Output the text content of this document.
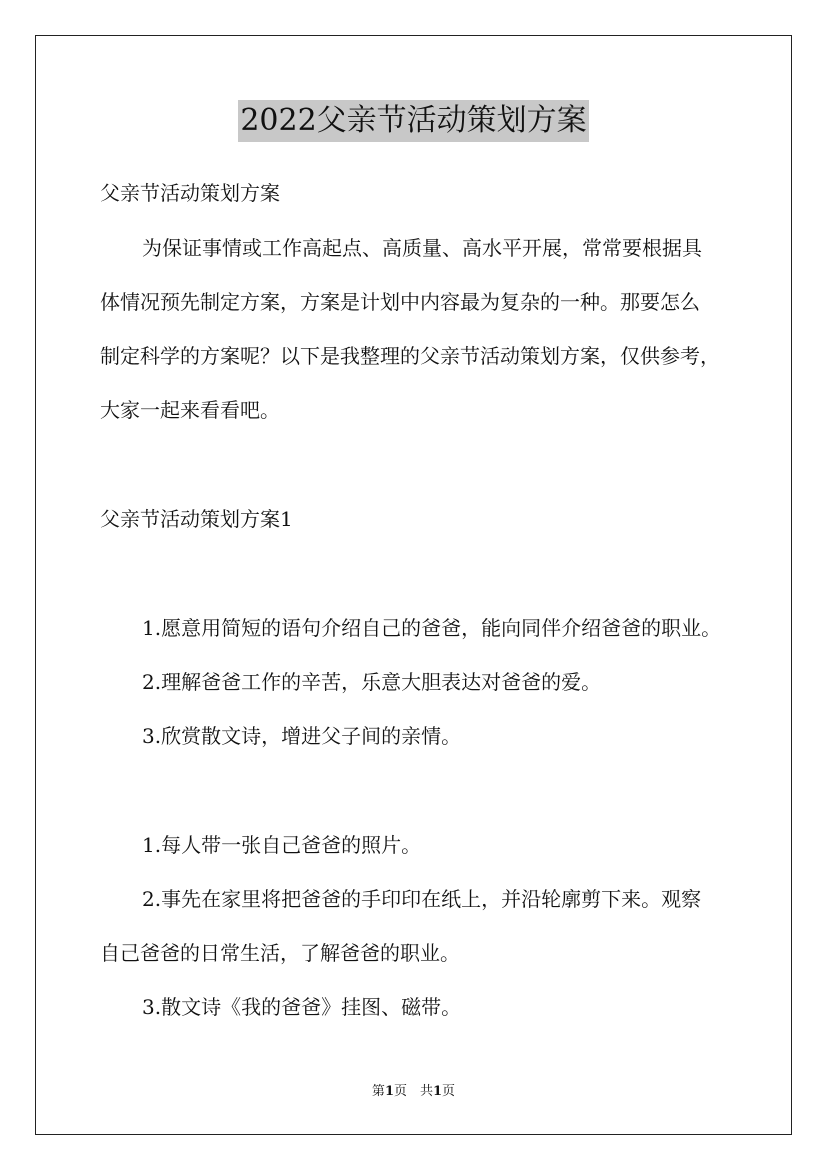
2022父亲节活动策划方案
父亲节活动策划方案
为保证事情或工作高起点、高质量、高水平开展，常常要根据具
体情况预先制定方案，方案是计划中内容最为复杂的一种。那要怎么
制定科学的方案呢？以下是我整理的父亲节活动策划方案，仅供参考，
大家一起来看看吧。
父亲节活动策划方案1
1.愿意用简短的语句介绍自己的爸爸，能向同伴介绍爸爸的职业。
2.理解爸爸工作的辛苦，乐意大胆表达对爸爸的爱。
3.欣赏散文诗，增进父子间的亲情。
1.每人带一张自己爸爸的照片。
2.事先在家里将把爸爸的手印印在纸上，并沿轮廓剪下来。观察
自己爸爸的日常生活，了解爸爸的职业。
3.散文诗《我的爸爸》挂图、磁带。
第1页　共1页
